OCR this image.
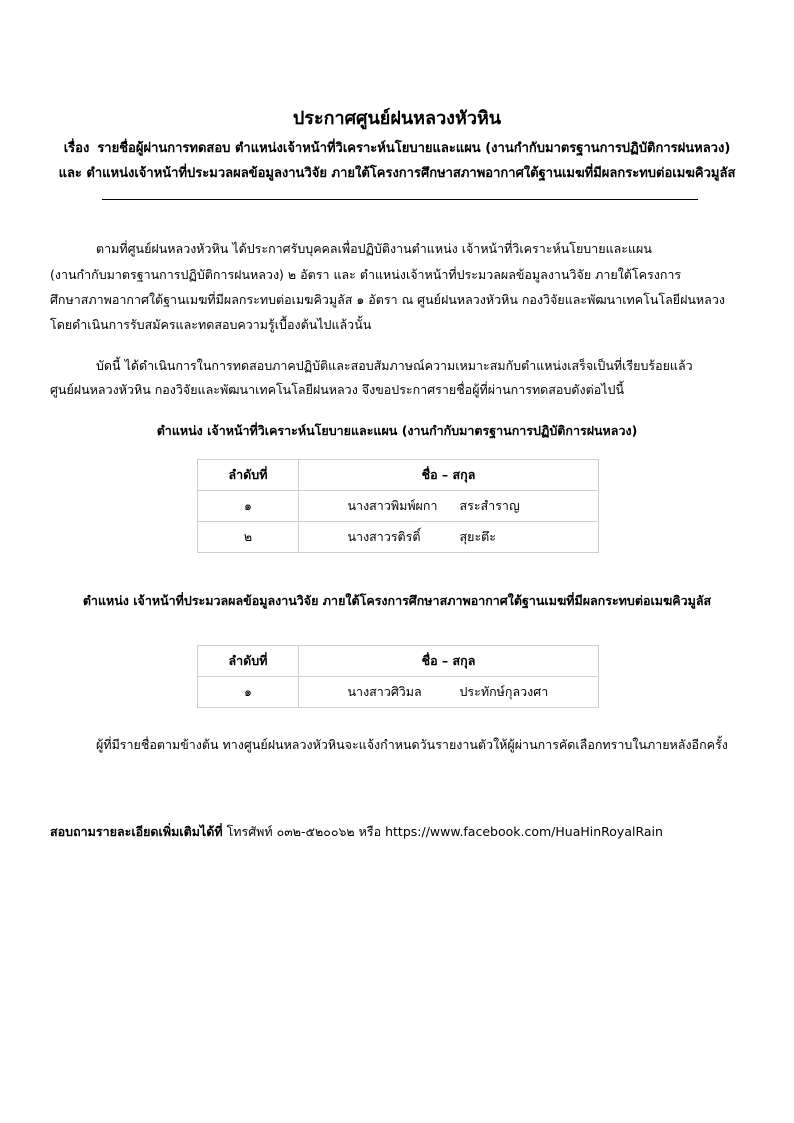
ประกาศศูนย์ฝนหลวงหัวหิน
เรื่อง รายชื่อผู้ผ่านการทดสอบ ตำแหน่งเจ้าหน้าที่วิเคราะห์นโยบายและแผน (งานกำกับมาตรฐานการปฏิบัติการฝนหลวง)
และ ตำแหน่งเจ้าหน้าที่ประมวลผลข้อมูลงานวิจัย ภายใต้โครงการศึกษาสภาพอากาศใต้ฐานเมฆที่มีผลกระทบต่อเมฆคิวมูลัส
ตามที่ศูนย์ฝนหลวงหัวหิน ได้ประกาศรับบุคคลเพื่อปฏิบัติงานตำแหน่ง เจ้าหน้าที่วิเคราะห์นโยบายและแผน
(งานกำกับมาตรฐานการปฏิบัติการฝนหลวง) ๒ อัตรา และ ตำแหน่งเจ้าหน้าที่ประมวลผลข้อมูลงานวิจัย ภายใต้โครงการ
ศึกษาสภาพอากาศใต้ฐานเมฆที่มีผลกระทบต่อเมฆคิวมูลัส ๑ อัตรา ณ ศูนย์ฝนหลวงหัวหิน กองวิจัยและพัฒนาเทคโนโลยีฝนหลวง
โดยดำเนินการรับสมัครและทดสอบความรู้เบื้องต้นไปแล้วนั้น
บัดนี้ ได้ดำเนินการในการทดสอบภาคปฏิบัติและสอบสัมภาษณ์ความเหมาะสมกับตำแหน่งเสร็จเป็นที่เรียบร้อยแล้ว
ศูนย์ฝนหลวงหัวหิน กองวิจัยและพัฒนาเทคโนโลยีฝนหลวง จึงขอประกาศรายชื่อผู้ที่ผ่านการทดสอบดังต่อไปนี้
ตำแหน่ง เจ้าหน้าที่วิเคราะห์นโยบายและแผน (งานกำกับมาตรฐานการปฏิบัติการฝนหลวง)
ลำดับที่	ชื่อ – สกุล
๑	นางสาวพิมพ์ผกา สระสำราญ
๒	นางสาวรติรติ์ สุยะตึะ
ตำแหน่ง เจ้าหน้าที่ประมวลผลข้อมูลงานวิจัย ภายใต้โครงการศึกษาสภาพอากาศใต้ฐานเมฆที่มีผลกระทบต่อเมฆคิวมูลัส
ลำดับที่	ชื่อ – สกุล
๑	นางสาวศิวิมล ประทักษ์กุลวงศา
ผู้ที่มีรายชื่อตามข้างต้น ทางศูนย์ฝนหลวงหัวหินจะแจ้งกำหนดวันรายงานตัวให้ผู้ผ่านการคัดเลือกทราบในภายหลังอีกครั้ง
สอบถามรายละเอียดเพิ่มเติมได้ที่ โทรศัพท์ ๐๓๒-๕๒๐๐๖๒ หรือ https://www.facebook.com/HuaHinRoyalRain
